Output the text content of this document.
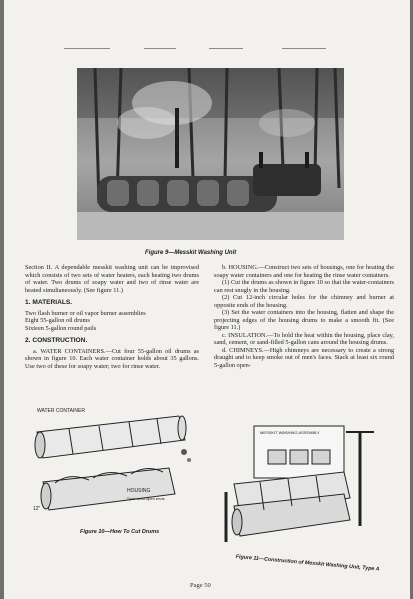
Figure 9—Messkit Washing Unit

Section II. A dependable messkit washing unit can be improvised which consists of two sets of water heaters, each heating two drums of water. Two drums of soapy water and two of rinse water are heated simultaneously. (See figure 11.)

1. MATERIALS.

Two flash burner or oil vapor burner assemblies

Eight 55-gallon oil drums

Sixteen 5-gallon round pails

2. CONSTRUCTION.

a. WATER CONTAINERS.—Cut four 55-gallon oil drums as shown in figure 10. Each water container holds about 35 gallons. Use two of these for soapy water; two for rinse water.

b. HOUSING.—Construct two sets of housings, one for heating the soapy water containers and one for heating the rinse water containers.

(1) Cut the drums as shown in figure 10 so that the water-containers can rest snugly in the housing.

(2) Cut 12-inch circular holes for the chimney and burner at opposite ends of the housing.

(3) Set the water containers into the housing, flatten and shape the projecting edges of the housing drums to make a smooth fit. (See figure 11.)

c. INSULATION.—To hold the heat within the housing, place clay, sand, cement, or sand-filled 5-gallon cans around the housing drums.

d. CHIMNEYS.—High chimneys are necessary to create a strong draught and to keep smoke out of men's faces. Stack at least six round 5-gallon open-

WATER CONTAINER
HOUSING
Spot-weld open ends
12"
Figure 10—How To Cut Drums
MESSKIT WASHING ASSEMBLY
Figure 11—Construction of Messkit Washing Unit, Type A
Page 50
